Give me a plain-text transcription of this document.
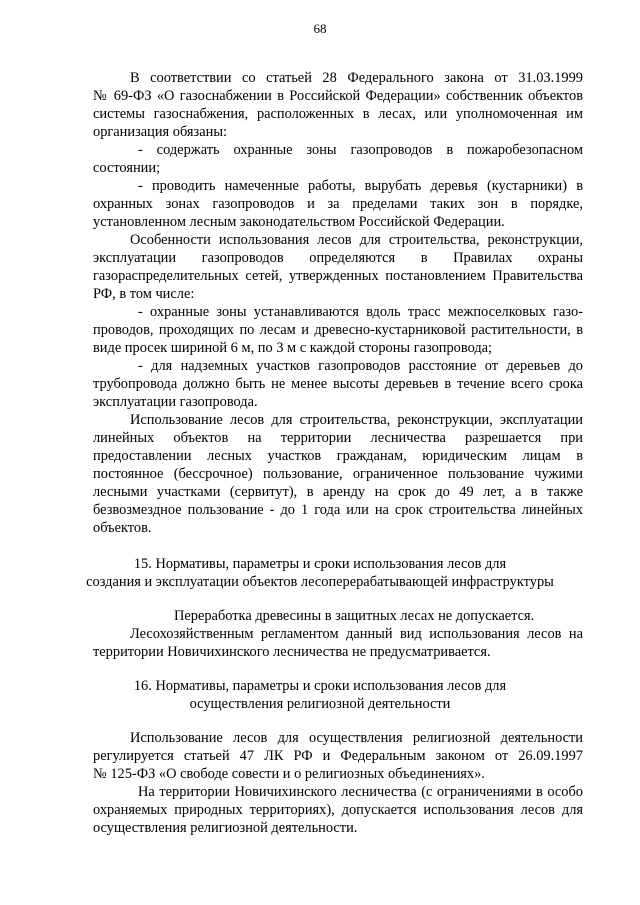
68
В соответствии со статьей 28 Федерального закона от 31.03.1999
№ 69-ФЗ «О газоснабжении в Российской Федерации» собственник объектов
системы газоснабжения, расположенных в лесах, или уполномоченная им
организация обязаны:
- содержать охранные зоны газопроводов в пожаробезопасном
состоянии;
- проводить намеченные работы, вырубать деревья (кустарники) в
охранных зонах газопроводов и за пределами таких зон в порядке,
установленном лесным законодательством Российской Федерации.
Особенности использования лесов для строительства, реконструкции,
эксплуатации газопроводов определяются в Правилах охраны
газораспределительных сетей, утвержденных постановлением Правительства
РФ, в том числе:
- охранные зоны устанавливаются вдоль трасс межпоселковых газо-
проводов, проходящих по лесам и древесно-кустарниковой растительности, в
виде просек шириной 6 м, по 3 м с каждой стороны газопровода;
- для надземных участков газопроводов расстояние от деревьев до
трубопровода должно быть не менее высоты деревьев в течение всего срока
эксплуатации газопровода.
Использование лесов для строительства, реконструкции, эксплуатации
линейных объектов на территории лесничества разрешается при
предоставлении лесных участков гражданам, юридическим лицам в
постоянное (бессрочное) пользование, ограниченное пользование чужими
лесными участками (сервитут), в аренду на срок до 49 лет, а в также
безвозмездное пользование - до 1 года или на срок строительства линейных
объектов.
15. Нормативы, параметры и сроки использования лесов для
создания и эксплуатации объектов лесоперерабатывающей инфраструктуры
Переработка древесины в защитных лесах не допускается.
Лесохозяйственным регламентом данный вид использования лесов на
территории Новичихинского лесничества не предусматривается.
16. Нормативы, параметры и сроки использования лесов для
осуществления религиозной деятельности
Использование лесов для осуществления религиозной деятельности
регулируется статьей 47 ЛК РФ и Федеральным законом от 26.09.1997
№ 125-ФЗ «О свободе совести и о религиозных объединениях».
На территории Новичихинского лесничества (с ограничениями в особо
охраняемых природных территориях), допускается использования лесов для
осуществления религиозной деятельности.
